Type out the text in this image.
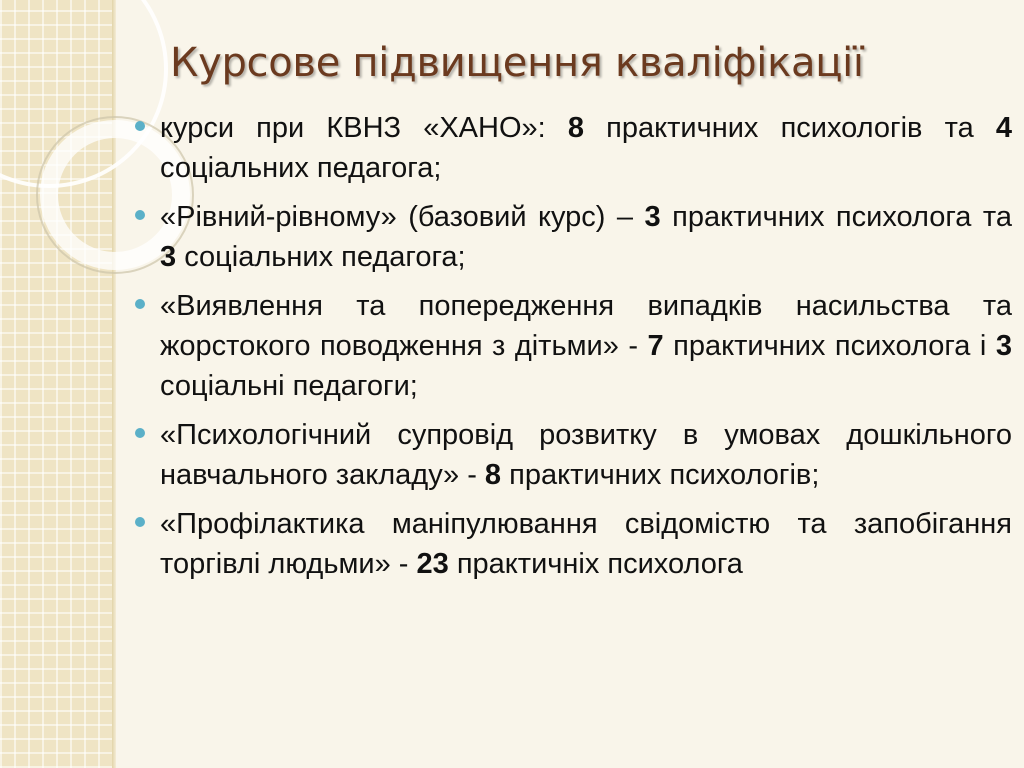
Курсове підвищення кваліфікації
курси при КВНЗ «ХАНО»: 8 практичних психологів та 4 соціальних педагога;
«Рівний-рівному» (базовий курс) – 3 практичних психолога та 3 соціальних педагога;
«Виявлення та попередження випадків насильства та жорстокого поводження з дітьми» - 7 практичних психолога і 3 соціальні педагоги;
«Психологічний супровід розвитку в умовах дошкільного навчального закладу» - 8 практичних психологів;
«Профілактика маніпулювання свідомістю та запобігання торгівлі людьми» - 23 практичніх психолога
